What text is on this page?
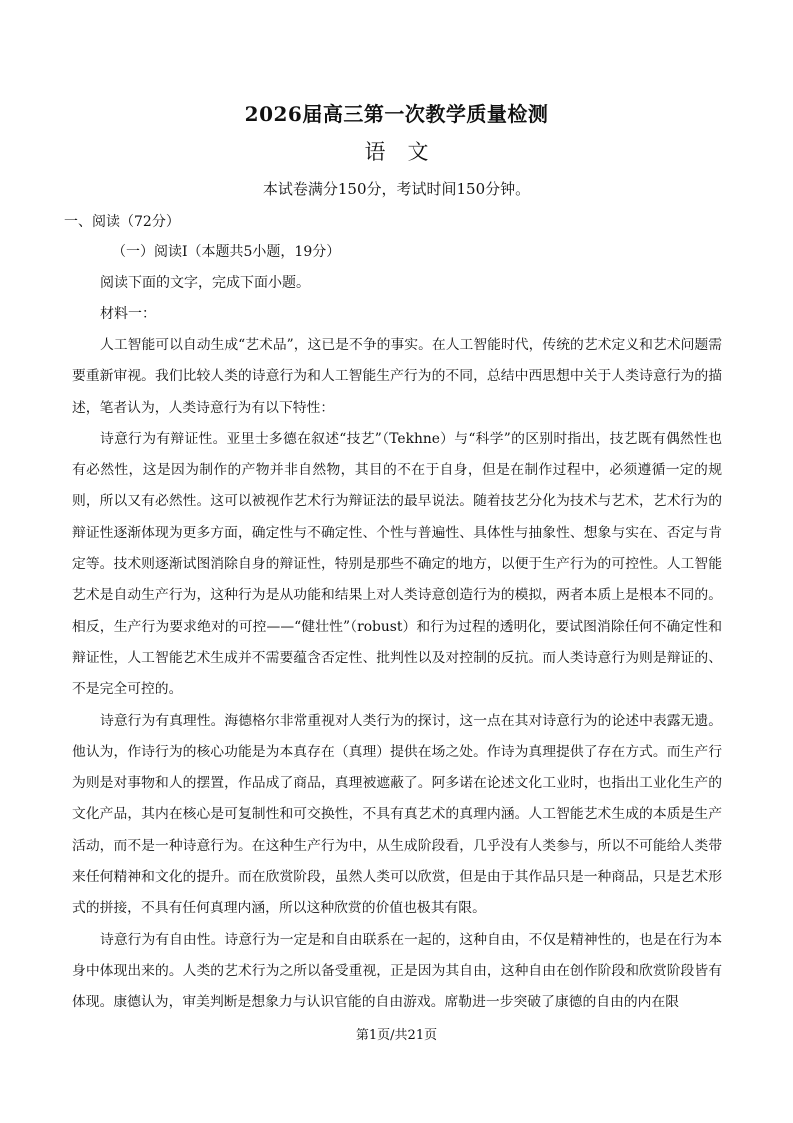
2026届高三第一次教学质量检测
语文
本试卷满分150分，考试时间150分钟。
一、阅读（72分）
（一）阅读Ⅰ（本题共5小题，19分）
阅读下面的文字，完成下面小题。
材料一：

人工智能可以自动生成“艺术品”，这已是不争的事实。在人工智能时代，传统的艺术定义和艺术问题需要重新审视。我们比较人类的诗意行为和人工智能生产行为的不同，总结中西思想中关于人类诗意行为的描述，笔者认为，人类诗意行为有以下特性：

诗意行为有辩证性。亚里士多德在叙述“技艺”（Tekhne）与“科学”的区别时指出，技艺既有偶然性也有必然性，这是因为制作的产物并非自然物，其目的不在于自身，但是在制作过程中，必须遵循一定的规则，所以又有必然性。这可以被视作艺术行为辩证法的最早说法。随着技艺分化为技术与艺术，艺术行为的辩证性逐渐体现为更多方面，确定性与不确定性、个性与普遍性、具体性与抽象性、想象与实在、否定与肯定等。技术则逐渐试图消除自身的辩证性，特别是那些不确定的地方，以便于生产行为的可控性。人工智能艺术是自动生产行为，这种行为是从功能和结果上对人类诗意创造行为的模拟，两者本质上是根本不同的。相反，生产行为要求绝对的可控——“健壮性”（robust）和行为过程的透明化，要试图消除任何不确定性和辩证性，人工智能艺术生成并不需要蕴含否定性、批判性以及对控制的反抗。而人类诗意行为则是辩证的、不是完全可控的。

诗意行为有真理性。海德格尔非常重视对人类行为的探讨，这一点在其对诗意行为的论述中表露无遗。他认为，作诗行为的核心功能是为本真存在（真理）提供在场之处。作诗为真理提供了存在方式。而生产行为则是对事物和人的摆置，作品成了商品，真理被遮蔽了。阿多诺在论述文化工业时，也指出工业化生产的文化产品，其内在核心是可复制性和可交换性，不具有真艺术的真理内涵。人工智能艺术生成的本质是生产活动，而不是一种诗意行为。在这种生产行为中，从生成阶段看，几乎没有人类参与，所以不可能给人类带来任何精神和文化的提升。而在欣赏阶段，虽然人类可以欣赏，但是由于其作品只是一种商品，只是艺术形式的拼接，不具有任何真理内涵，所以这种欣赏的价值也极其有限。

诗意行为有自由性。诗意行为一定是和自由联系在一起的，这种自由，不仅是精神性的，也是在行为本身中体现出来的。人类的艺术行为之所以备受重视，正是因为其自由，这种自由在创作阶段和欣赏阶段皆有体现。康德认为，审美判断是想象力与认识官能的自由游戏。席勒进一步突破了康德的自由的内在限

第1页/共21页
